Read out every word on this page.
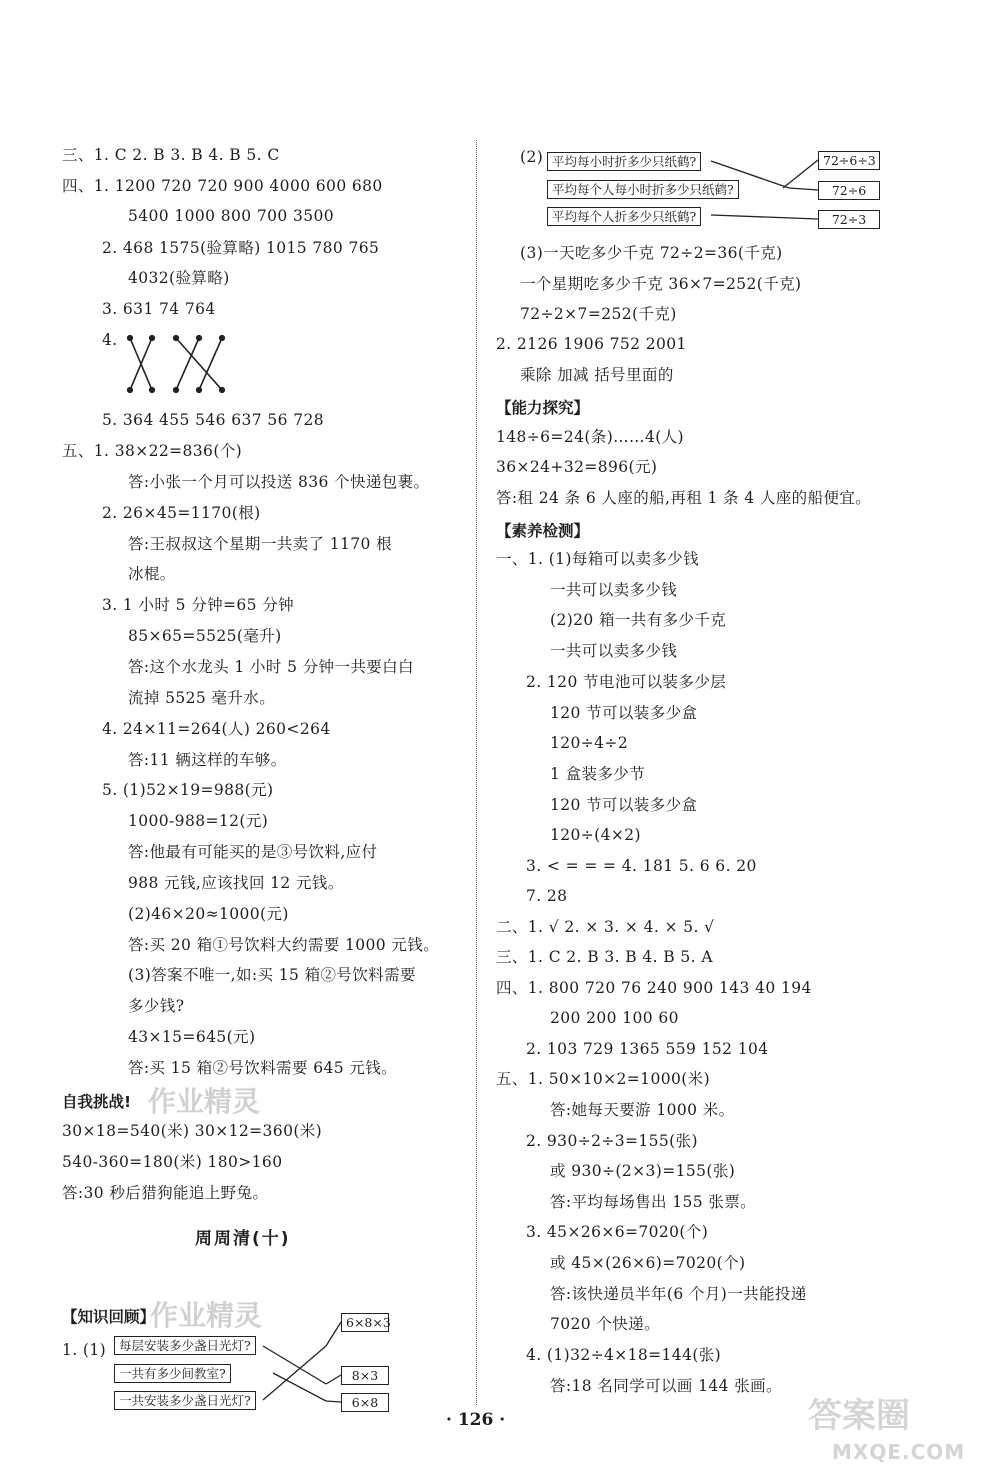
三、1. C 2. B 3. B 4. B 5. C
四、1. 1200 720 720 900 4000 600 680
5400 1000 800 700 3500
2. 468 1575(验算略) 1015 780 765
4032(验算略)
3. 631 74 764
4.
5. 364 455 546 637 56 728
五、1. 38×22=836(个)
答:小张一个月可以投送 836 个快递包裹。
2. 26×45=1170(根)
答:王叔叔这个星期一共卖了 1170 根
冰棍。
3. 1 小时 5 分钟=65 分钟
85×65=5525(毫升)
答:这个水龙头 1 小时 5 分钟一共要白白
流掉 5525 毫升水。
4. 24×11=264(人) 260<264
答:11 辆这样的车够。
5. (1)52×19=988(元)
1000-988=12(元)
答:他最有可能买的是③号饮料,应付
988 元钱,应该找回 12 元钱。
(2)46×20≈1000(元)
答:买 20 箱①号饮料大约需要 1000 元钱。
(3)答案不唯一,如:买 15 箱②号饮料需要
多少钱?
43×15=645(元)
答:买 15 箱②号饮料需要 645 元钱。
自我挑战! 作业精灵
30×18=540(米) 30×12=360(米)
540-360=180(米) 180>160
答:30 秒后猎狗能追上野兔。
周周清(十)
【知识回顾】
作业精灵
1. (1)	每层安装多少盏日光灯?
一共有多少间教室?
一共安装多少盏日光灯?
6×8×3
8×3
6×8
(2) 平均每小时折多少只纸鹤?
平均每个人每小时折多少只纸鹤?
平均每个人折多少只纸鹤?
72÷6÷3
72÷6
72÷3
(3)一天吃多少千克 72÷2=36(千克)
一个星期吃多少千克 36×7=252(千克)
72÷2×7=252(千克)
2. 2126 1906 752 2001
乘除 加减 括号里面的
【能力探究】
148÷6=24(条)……4(人)
36×24+32=896(元)
答:租 24 条 6 人座的船,再租 1 条 4 人座的船便宜。
【素养检测】
一、1. (1)每箱可以卖多少钱
一共可以卖多少钱
(2)20 箱一共有多少千克
一共可以卖多少钱
2. 120 节电池可以装多少层
120 节可以装多少盒
120÷4÷2
1 盒装多少节
120 节可以装多少盒
120÷(4×2)
3. < = = = 4. 181 5. 6 6. 20
7. 28
二、1. √ 2. × 3. × 4. × 5. √
三、1. C 2. B 3. B 4. B 5. A
四、1. 800 720 76 240 900 143 40 194
200 200 100 60
2. 103 729 1365 559 152 104
五、1. 50×10×2=1000(米)
答:她每天要游 1000 米。
2. 930÷2÷3=155(张)
或 930÷(2×3)=155(张)
答:平均每场售出 155 张票。
3. 45×26×6=7020(个)
或 45×(26×6)=7020(个)
答:该快递员半年(6 个月)一共能投递
7020 个快递。
4. (1)32÷4×18=144(张)
答:18 名同学可以画 144 张画。
· 126 ·	答案圈
MXQE.COM
